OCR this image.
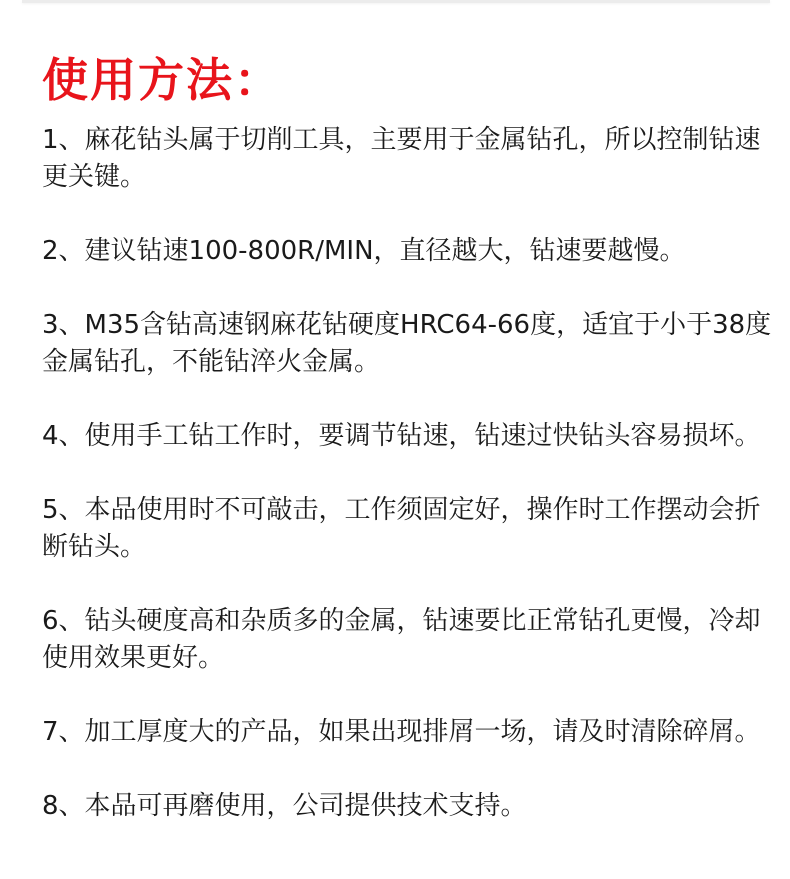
使用方法：
1、麻花钻头属于切削工具，主要用于金属钻孔，所以控制钻速更关键。
2、建议钻速100-800R/MIN，直径越大，钻速要越慢。
3、M35含钻高速钢麻花钻硬度HRC64-66度，适宜于小于38度金属钻孔，不能钻淬火金属。
4、使用手工钻工作时，要调节钻速，钻速过快钻头容易损坏。
5、本品使用时不可敲击，工作须固定好，操作时工作摆动会折断钻头。
6、钻头硬度高和杂质多的金属，钻速要比正常钻孔更慢，冷却使用效果更好。
7、加工厚度大的产品，如果出现排屑一场，请及时清除碎屑。
8、本品可再磨使用，公司提供技术支持。
